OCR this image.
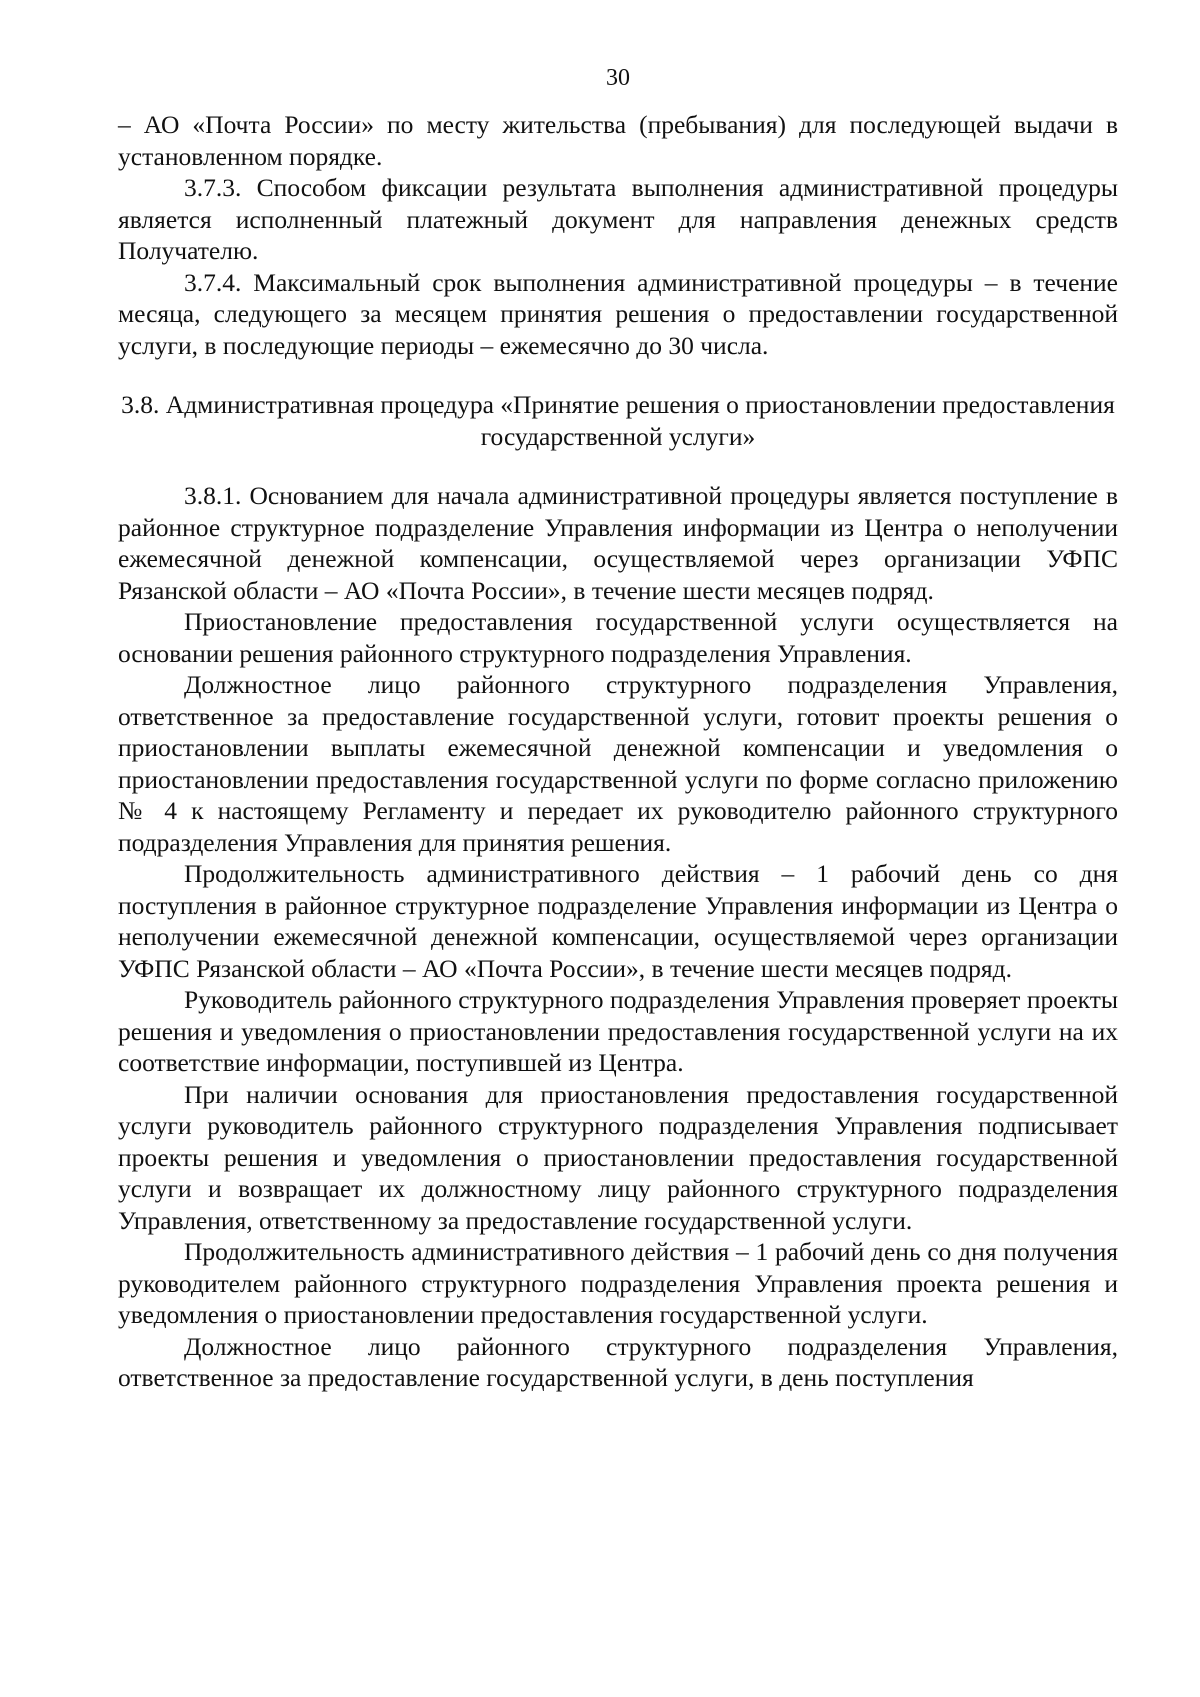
30

– АО «Почта России» по месту жительства (пребывания) для последующей выдачи в установленном порядке.

3.7.3. Способом фиксации результата выполнения административной процедуры является исполненный платежный документ для направления денежных средств Получателю.

3.7.4. Максимальный срок выполнения административной процедуры – в течение месяца, следующего за месяцем принятия решения о предоставлении государственной услуги, в последующие периоды – ежемесячно до 30 числа.

3.8. Административная процедура «Принятие решения о приостановлении предоставления государственной услуги»

3.8.1. Основанием для начала административной процедуры является поступление в районное структурное подразделение Управления информации из Центра о неполучении ежемесячной денежной компенсации, осуществляемой через организации УФПС Рязанской области – АО «Почта России», в течение шести месяцев подряд.

Приостановление предоставления государственной услуги осуществляется на основании решения районного структурного подразделения Управления.

Должностное лицо районного структурного подразделения Управления, ответственное за предоставление государственной услуги, готовит проекты решения о приостановлении выплаты ежемесячной денежной компенсации и уведомления о приостановлении предоставления государственной услуги по форме согласно приложению № 4 к настоящему Регламенту и передает их руководителю районного структурного подразделения Управления для принятия решения.

Продолжительность административного действия – 1 рабочий день со дня поступления в районное структурное подразделение Управления информации из Центра о неполучении ежемесячной денежной компенсации, осуществляемой через организации УФПС Рязанской области – АО «Почта России», в течение шести месяцев подряд.

Руководитель районного структурного подразделения Управления проверяет проекты решения и уведомления о приостановлении предоставления государственной услуги на их соответствие информации, поступившей из Центра.

При наличии основания для приостановления предоставления государственной услуги руководитель районного структурного подразделения Управления подписывает проекты решения и уведомления о приостановлении предоставления государственной услуги и возвращает их должностному лицу районного структурного подразделения Управления, ответственному за предоставление государственной услуги.

Продолжительность административного действия – 1 рабочий день со дня получения руководителем районного структурного подразделения Управления проекта решения и уведомления о приостановлении предоставления государственной услуги.

Должностное лицо районного структурного подразделения Управления, ответственное за предоставление государственной услуги, в день поступления
